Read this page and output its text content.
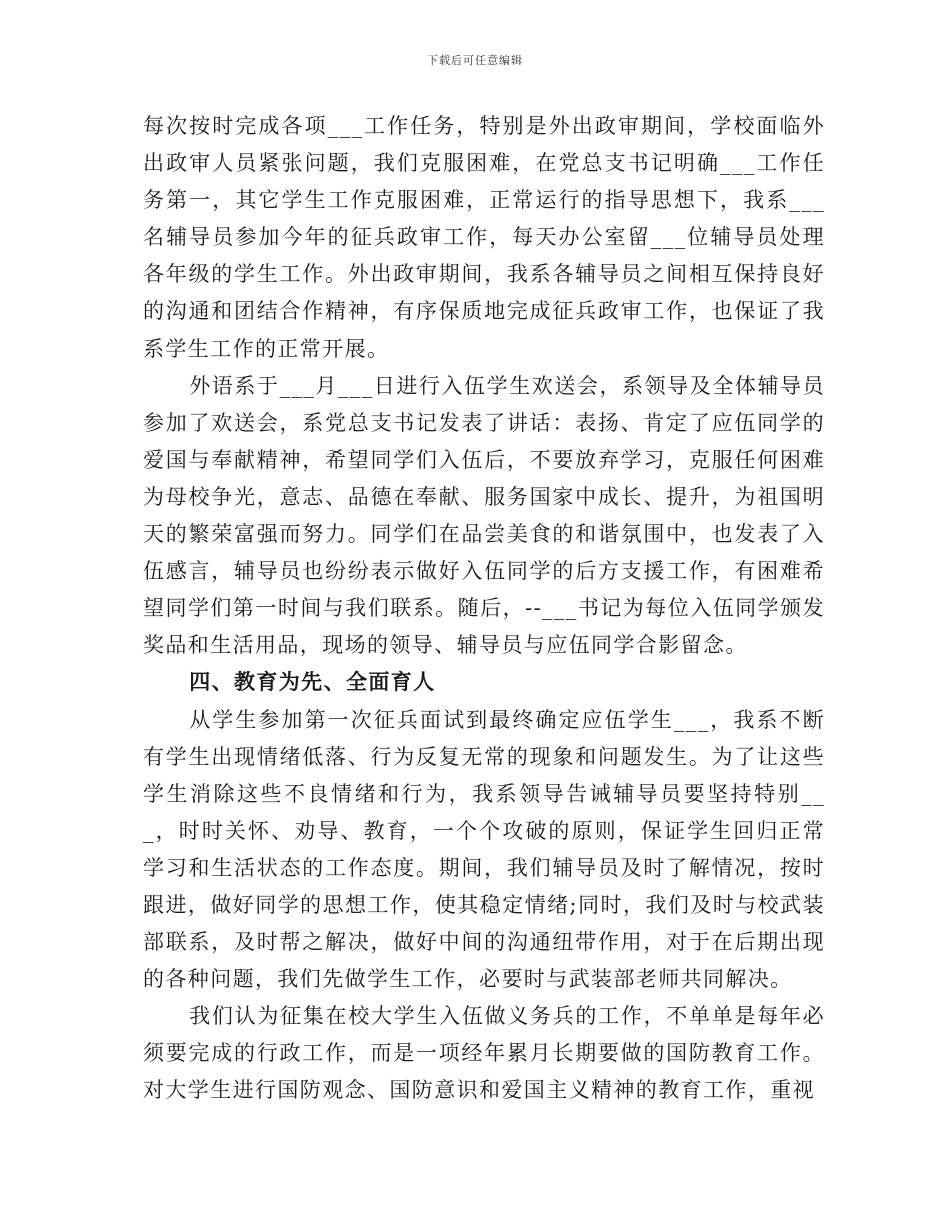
下载后可任意编辑

每次按时完成各项___工作任务，特别是外出政审期间，学校面临外出政审人员紧张问题，我们克服困难，在党总支书记明确___工作任务第一，其它学生工作克服困难，正常运行的指导思想下，我系___名辅导员参加今年的征兵政审工作，每天办公室留___位辅导员处理各年级的学生工作。外出政审期间，我系各辅导员之间相互保持良好的沟通和团结合作精神，有序保质地完成征兵政审工作，也保证了我系学生工作的正常开展。

外语系于___月___日进行入伍学生欢送会，系领导及全体辅导员参加了欢送会，系党总支书记发表了讲话：表扬、肯定了应伍同学的爱国与奉献精神，希望同学们入伍后，不要放弃学习，克服任何困难为母校争光，意志、品德在奉献、服务国家中成长、提升，为祖国明天的繁荣富强而努力。同学们在品尝美食的和谐氛围中，也发表了入伍感言，辅导员也纷纷表示做好入伍同学的后方支援工作，有困难希望同学们第一时间与我们联系。随后，--___书记为每位入伍同学颁发奖品和生活用品，现场的领导、辅导员与应伍同学合影留念。

四、教育为先、全面育人

从学生参加第一次征兵面试到最终确定应伍学生___，我系不断有学生出现情绪低落、行为反复无常的现象和问题发生。为了让这些学生消除这些不良情绪和行为，我系领导告诫辅导员要坚持特别___，时时关怀、劝导、教育，一个个攻破的原则，保证学生回归正常学习和生活状态的工作态度。期间，我们辅导员及时了解情况，按时跟进，做好同学的思想工作，使其稳定情绪;同时，我们及时与校武装部联系，及时帮之解决，做好中间的沟通纽带作用，对于在后期出现的各种问题，我们先做学生工作，必要时与武装部老师共同解决。

我们认为征集在校大学生入伍做义务兵的工作，不单单是每年必须要完成的行政工作，而是一项经年累月长期要做的国防教育工作。对大学生进行国防观念、国防意识和爱国主义精神的教育工作，重视
